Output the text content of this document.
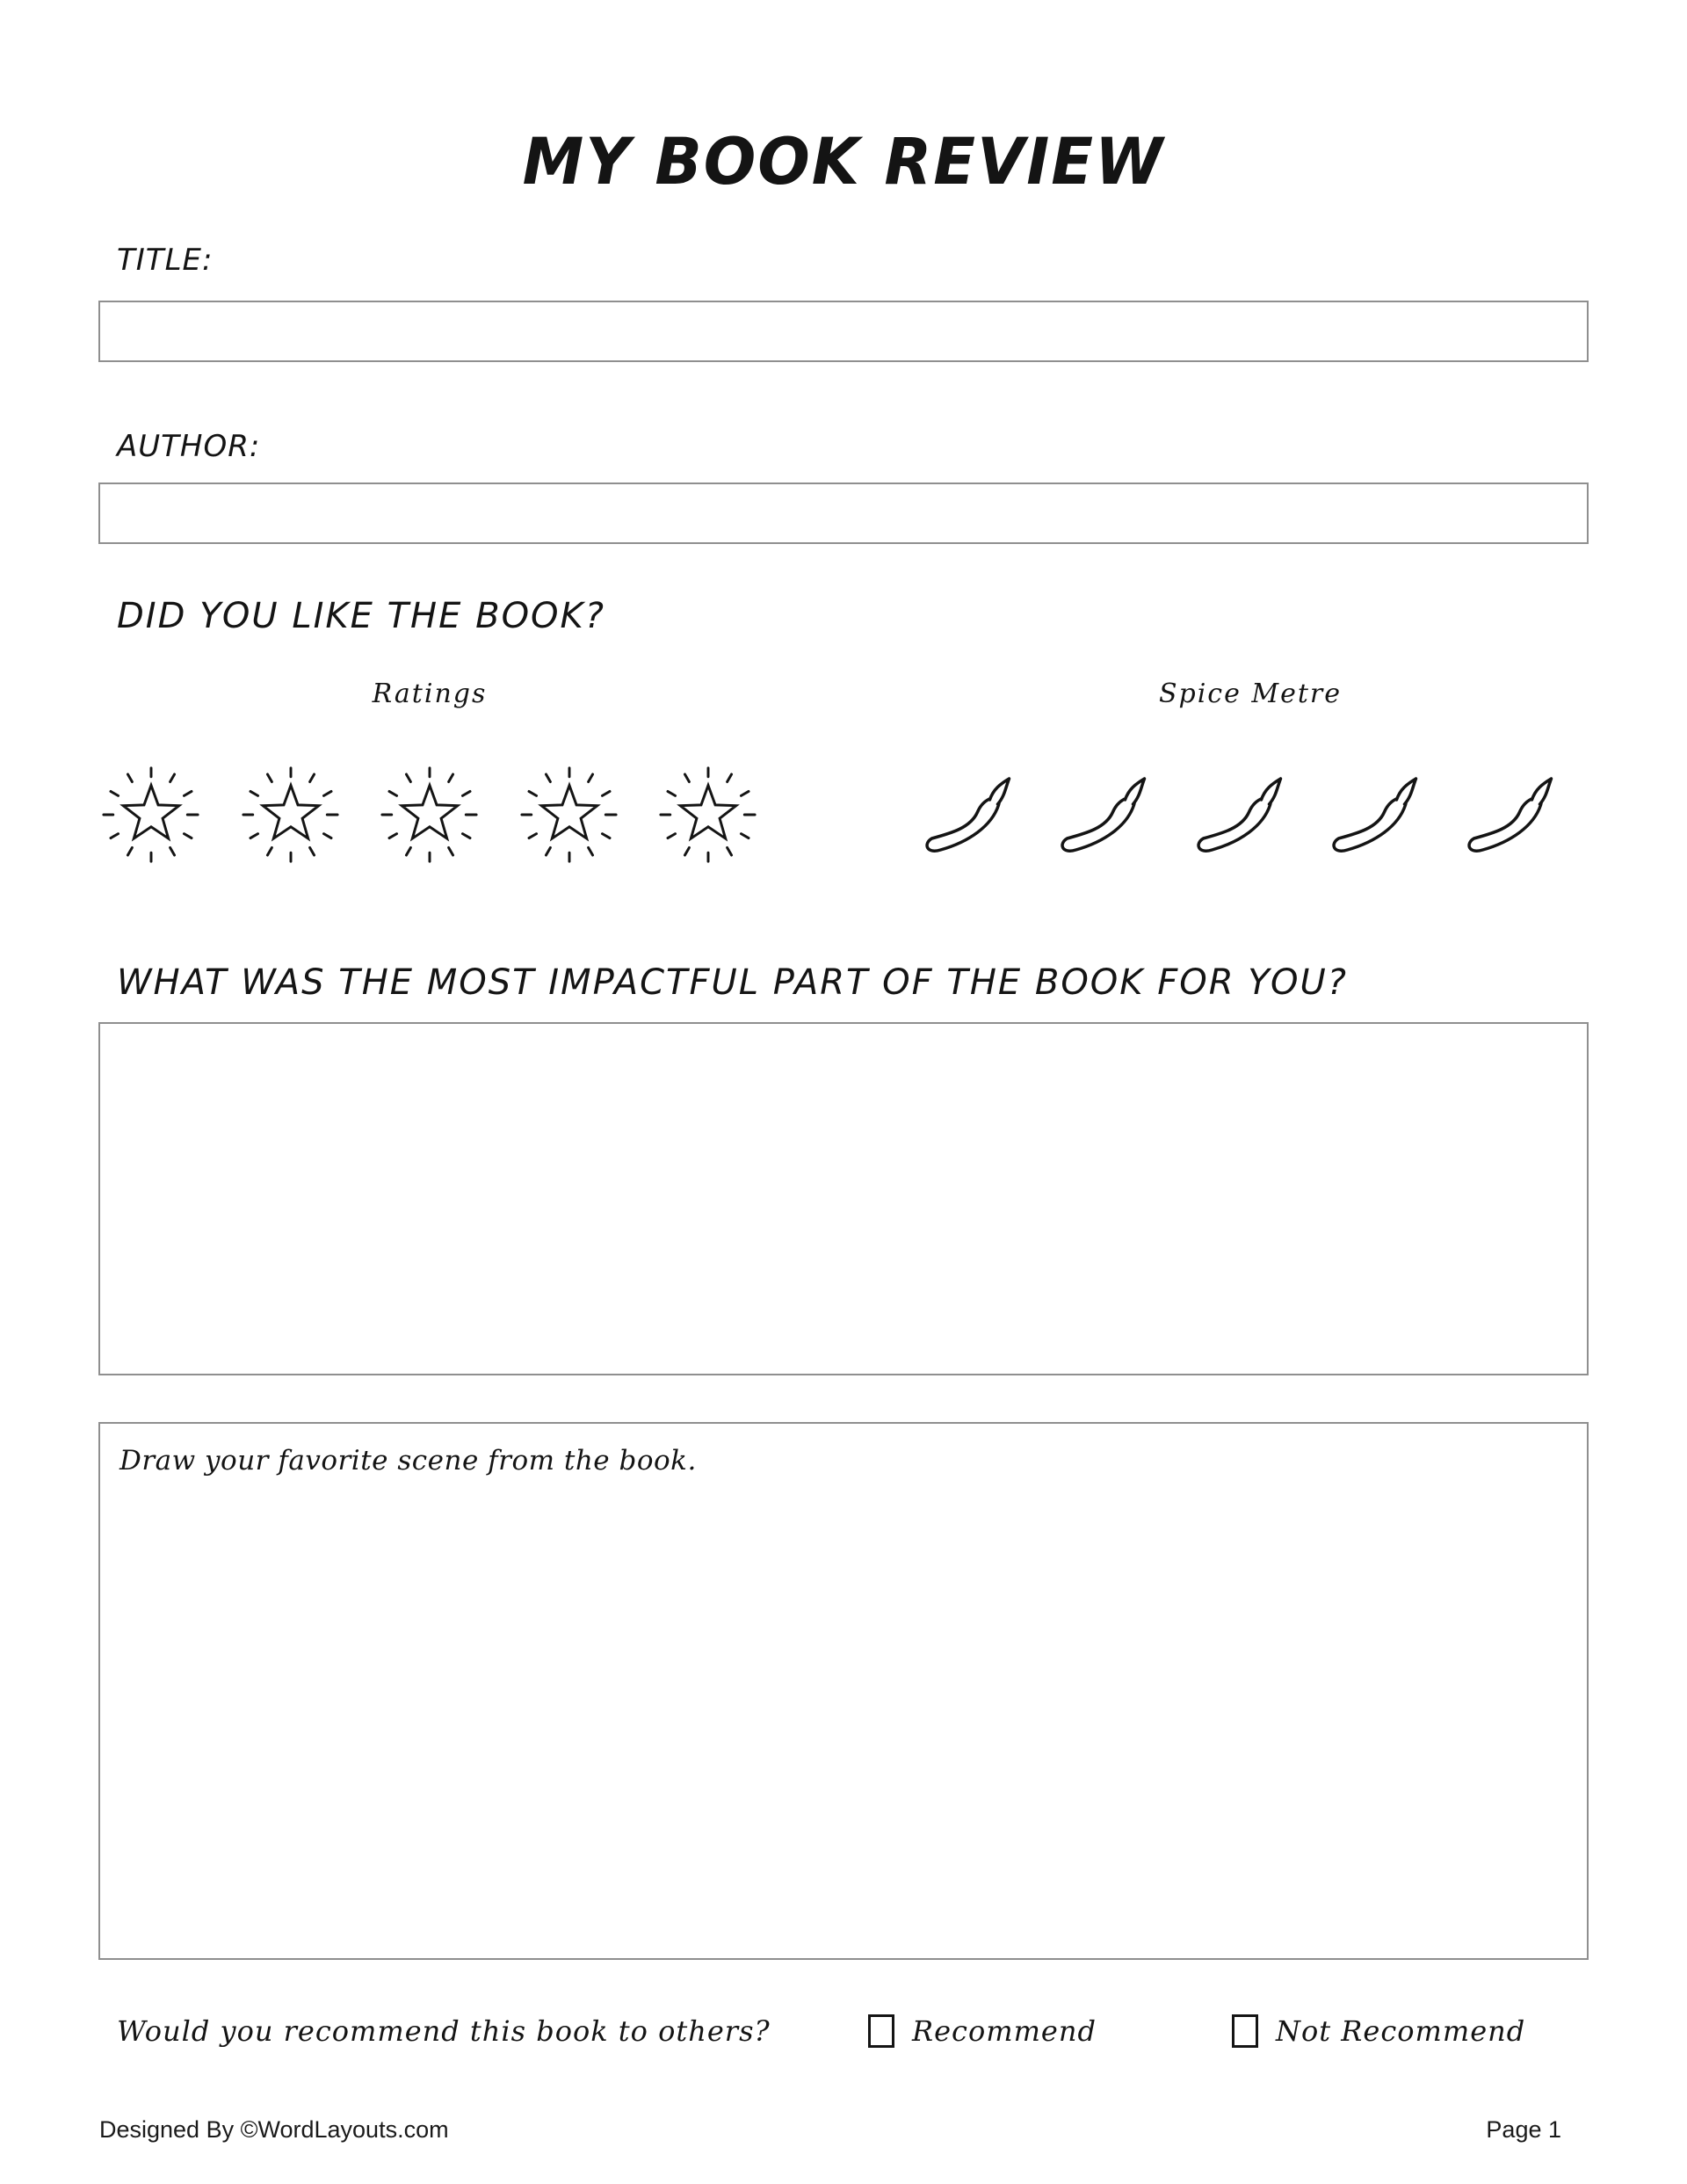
MY BOOK REVIEW
TITLE:
AUTHOR:
DID YOU LIKE THE BOOK?
Ratings	Spice Metre
WHAT WAS THE MOST IMPACTFUL PART OF THE BOOK FOR YOU?
Draw your favorite scene from the book.
Would you recommend this book to others?	Recommend	Not Recommend
Designed By ©WordLayouts.com	Page 1
